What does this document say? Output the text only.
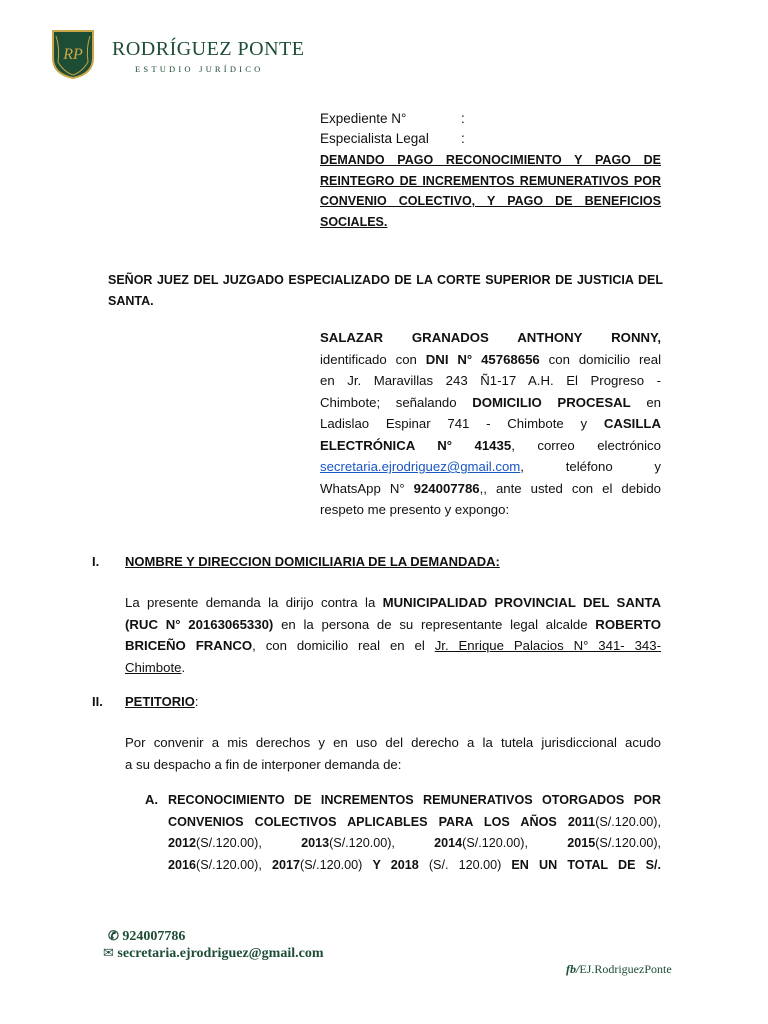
RP RODRÍGUEZ PONTE
ESTUDIO JURÍDICO
Expediente N°	:
Especialista Legal :
DEMANDO PAGO RECONOCIMIENTO Y PAGO DE REINTEGRO DE INCREMENTOS REMUNERATIVOS POR CONVENIO COLECTIVO, Y PAGO DE BENEFICIOS SOCIALES.
SEÑOR JUEZ DEL JUZGADO ESPECIALIZADO DE LA CORTE SUPERIOR DE JUSTICIA DEL SANTA.
SALAZAR GRANADOS ANTHONY RONNY,
identificado con DNI N° 45768656 con domicilio real
en Jr. Maravillas 243 Ñ1-17 A.H. El Progreso -
Chimbote; señalando DOMICILIO PROCESAL en
Ladislao Espinar 741 - Chimbote y CASILLA
ELECTRÓNICA N° 41435, correo electrónico
secretaria.ejrodriguez@gmail.com, teléfono y
WhatsApp N° 924007786,, ante usted con el debido
respeto me presento y expongo:
I. NOMBRE Y DIRECCION DOMICILIARIA DE LA DEMANDADA:
La presente demanda la dirijo contra la MUNICIPALIDAD PROVINCIAL DEL SANTA
(RUC N° 20163065330) en la persona de su representante legal alcalde ROBERTO
BRICEÑO FRANCO, con domicilio real en el Jr. Enrique Palacios N° 341- 343-
Chimbote.
II. PETITORIO:
Por convenir a mis derechos y en uso del derecho a la tutela jurisdiccional acudo
a su despacho a fin de interponer demanda de:
A. RECONOCIMIENTO DE INCREMENTOS REMUNERATIVOS OTORGADOS POR
CONVENIOS COLECTIVOS APLICABLES PARA LOS AÑOS 2011(S/.120.00),
2012(S/.120.00),	2013(S/.120.00),	2014(S/.120.00),	2015(S/.120.00),
2016(S/.120.00), 2017(S/.120.00) Y 2018 (S/. 120.00) EN UN TOTAL DE S/.
✆ 924007786
✉ secretaria.ejrodriguez@gmail.com
fb/EJ.RodriguezPonte
